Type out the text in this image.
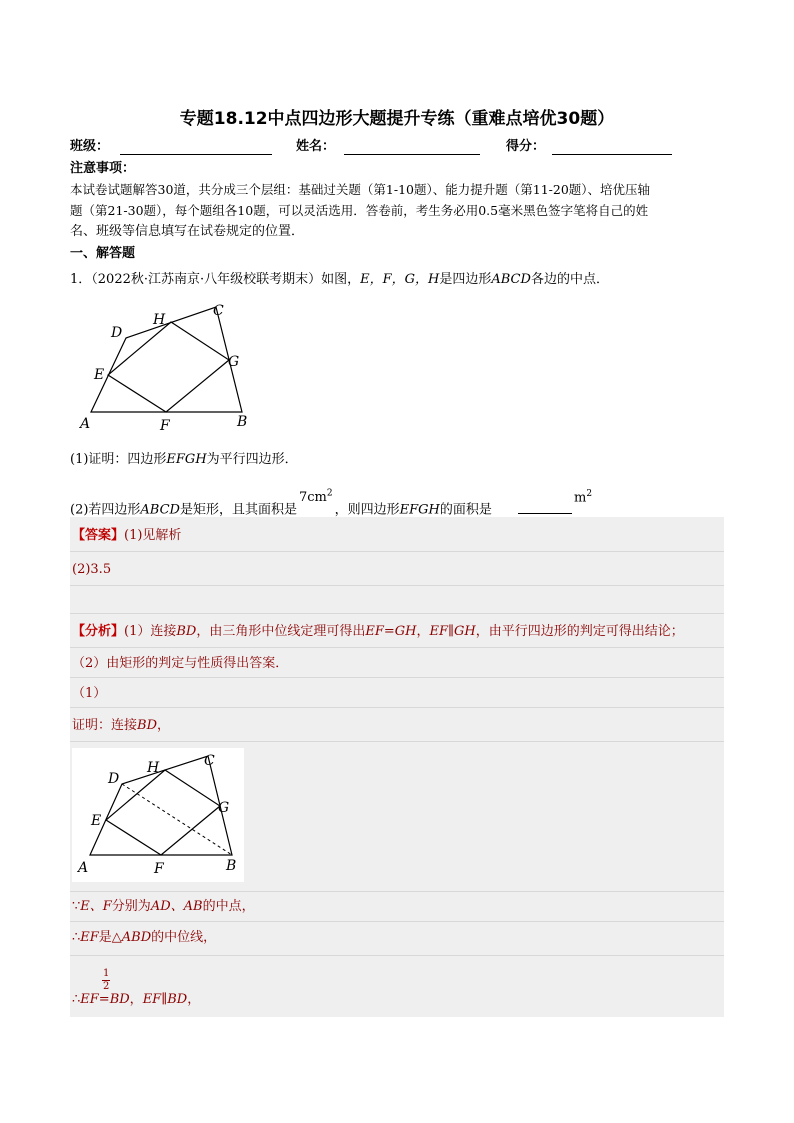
专题18.12中点四边形大题提升专练（重难点培优30题）
班级：	姓名：	得分：
注意事项：
本试卷试题解答30道，共分成三个层组：基础过关题（第1-10题）、能力提升题（第11-20题）、培优压轴
题（第21-30题），每个题组各10题，可以灵活选用．答卷前，考生务必用0.5毫米黑色签字笔将自己的姓
名、班级等信息填写在试卷规定的位置．
一、解答题
1．（2022秋·江苏南京·八年级校联考期末）如图，E，F，G，H是四边形ABCD各边的中点．
A	B
C
D
E
F
G
H
(1)证明：四边形EFGH为平行四边形．
(2)若四边形ABCD是矩形，且其面积是$7cm^2$，则四边形EFGH的面积是
$m^2$
【答案】(1)见解析
(2)3.5
【分析】(1）连接BD，由三角形中位线定理可得出EF=GH，EF∥GH，由平行四边形的判定可得出结论；
（2）由矩形的判定与性质得出答案．
（1）
证明：连接BD，
A	B
C
D
E
F
G
H
∵E、F分别为AD、AB的中点，
∴EF是△ABD的中位线，
1
2
∴EF=BD，EF∥BD，
